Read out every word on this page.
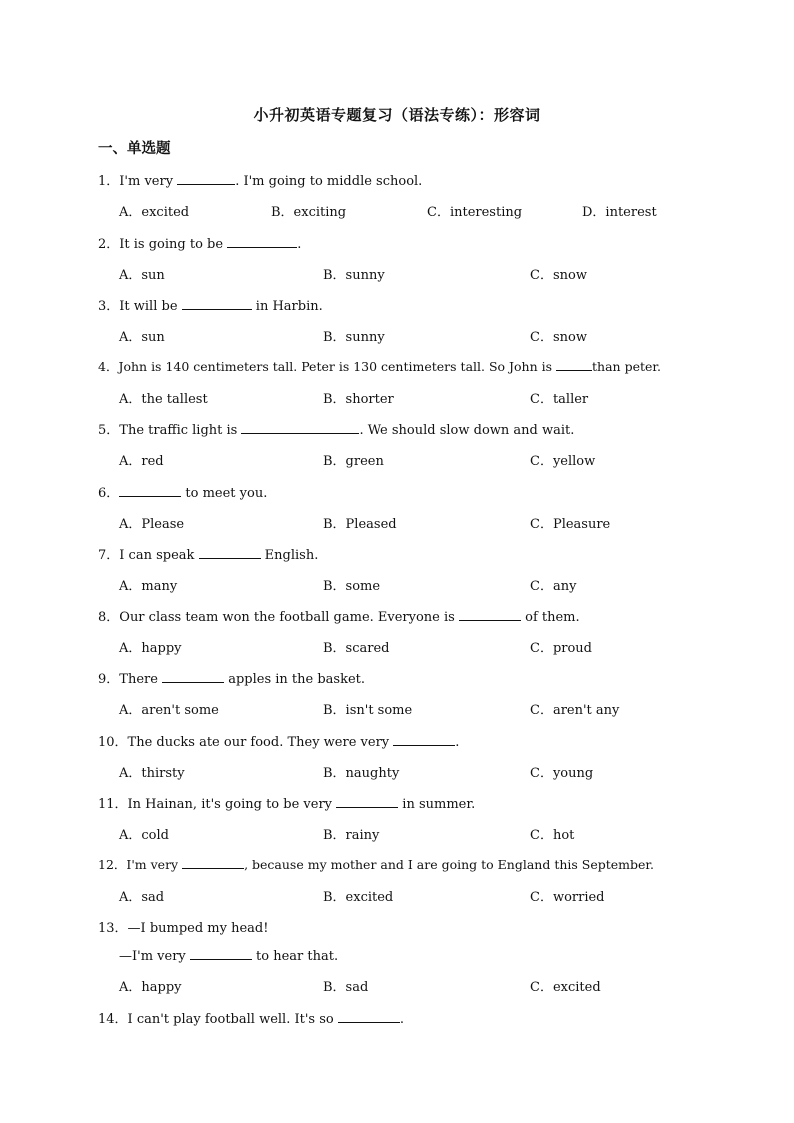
小升初英语专题复习（语法专练）：形容词
一、单选题
1．I'm very	. I'm going to middle school.
A．excited	B．exciting	C．interesting	D．interest
2．It is going to be	.
A．sun	B．sunny	C．snow
3．It will be	in Harbin.
A．sun	B．sunny	C．snow
4．John is 140 centimeters tall. Peter is 130 centimeters tall. So John is	than peter.
A．the tallest	B．shorter	C．taller
5．The traffic light is	. We should slow down and wait.
A．red	B．green	C．yellow
6．	to meet you.
A．Please	B．Pleased	C．Pleasure
7．I can speak	English.
A．many	B．some	C．any
8．Our class team won the football game. Everyone is	of them.
A．happy	B．scared	C．proud
9．There	apples in the basket.
A．aren't some	B．isn't some	C．aren't any
10．The ducks ate our food. They were very	.
A．thirsty	B．naughty	C．young
11．In Hainan, it's going to be very	in summer.
A．cold	B．rainy	C．hot
12．I'm very	, because my mother and I are going to England this September.
A．sad	B．excited	C．worried
13．—I bumped my head!
—I'm very	to hear that.
A．happy	B．sad	C．excited
14．I can't play football well. It's so	.
